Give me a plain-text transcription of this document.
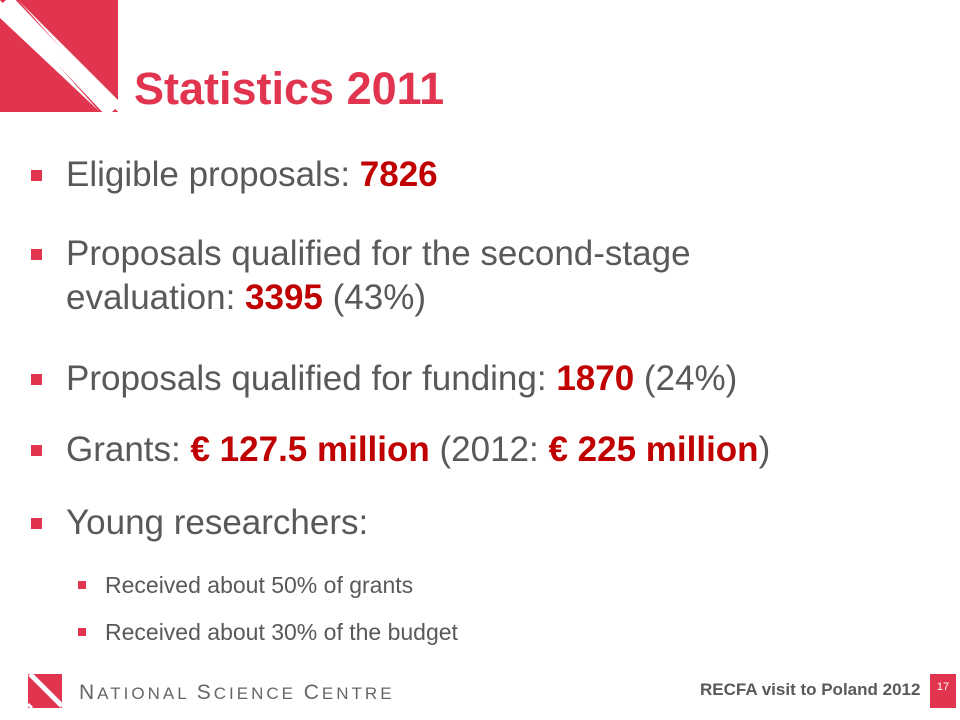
Statistics 2011
Eligible proposals: 7826
Proposals qualified for the second-stage evaluation: 3395 (43%)
Proposals qualified for funding: 1870 (24%)
Grants: € 127.5 million (2012: € 225 million)
Young researchers:
Received about 50% of grants
Received about 30% of the budget
NATIONAL SCIENCE CENTRE	RECFA visit to Poland 2012	17
